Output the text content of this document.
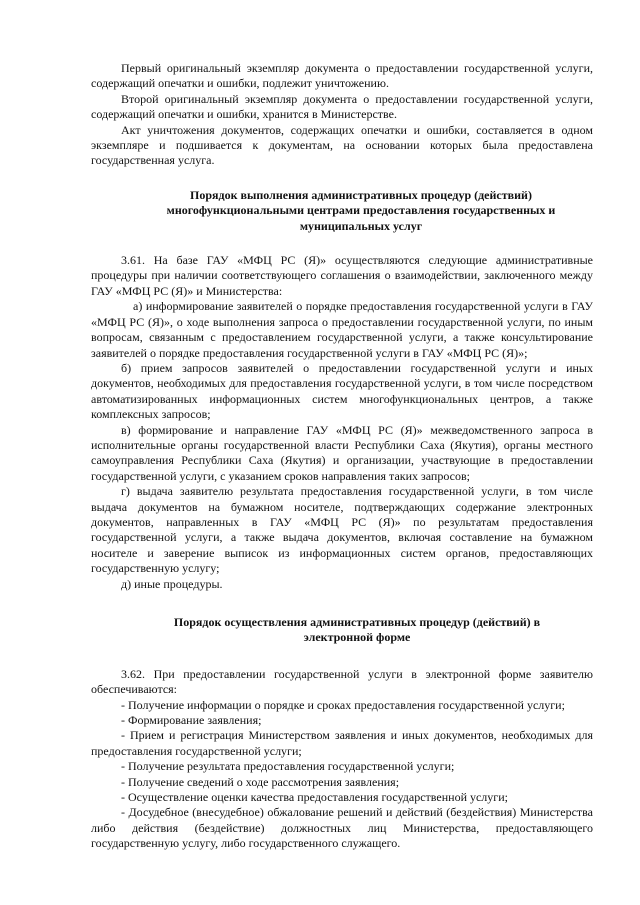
Первый оригинальный экземпляр документа о предоставлении государственной услуги, содержащий опечатки и ошибки, подлежит уничтожению.

Второй оригинальный экземпляр документа о предоставлении государственной услуги, содержащий опечатки и ошибки, хранится в Министерстве.

Акт уничтожения документов, содержащих опечатки и ошибки, составляется в одном экземпляре и подшивается к документам, на основании которых была предоставлена государственная услуга.

Порядок выполнения административных процедур (действий) многофункциональными центрами предоставления государственных и муниципальных услуг

3.61. На базе ГАУ «МФЦ РС (Я)» осуществляются следующие административные процедуры при наличии соответствующего соглашения о взаимодействии, заключенного между ГАУ «МФЦ РС (Я)» и Министерства:

а) информирование заявителей о порядке предоставления государственной услуги в ГАУ «МФЦ РС (Я)», о ходе выполнения запроса о предоставлении государственной услуги, по иным вопросам, связанным с предоставлением государственной услуги, а также консультирование заявителей о порядке предоставления государственной услуги в ГАУ «МФЦ РС (Я)»;

б) прием запросов заявителей о предоставлении государственной услуги и иных документов, необходимых для предоставления государственной услуги, в том числе посредством автоматизированных информационных систем многофункциональных центров, а также комплексных запросов;

в) формирование и направление ГАУ «МФЦ РС (Я)» межведомственного запроса в исполнительные органы государственной власти Республики Саха (Якутия), органы местного самоуправления Республики Саха (Якутия) и организации, участвующие в предоставлении государственной услуги, с указанием сроков направления таких запросов;

г) выдача заявителю результата предоставления государственной услуги, в том числе выдача документов на бумажном носителе, подтверждающих содержание электронных документов, направленных в ГАУ «МФЦ РС (Я)» по результатам предоставления государственной услуги, а также выдача документов, включая составление на бумажном носителе и заверение выписок из информационных систем органов, предоставляющих государственную услугу;

д) иные процедуры.

Порядок осуществления административных процедур (действий) в электронной форме

3.62. При предоставлении государственной услуги в электронной форме заявителю обеспечиваются:

- Получение информации о порядке и сроках предоставления государственной услуги;

- Формирование заявления;

- Прием и регистрация Министерством заявления и иных документов, необходимых для предоставления государственной услуги;

- Получение результата предоставления государственной услуги;

- Получение сведений о ходе рассмотрения заявления;

- Осуществление оценки качества предоставления государственной услуги;

- Досудебное (внесудебное) обжалование решений и действий (бездействия) Министерства либо действия (бездействие) должностных лиц Министерства, предоставляющего государственную услугу, либо государственного служащего.
